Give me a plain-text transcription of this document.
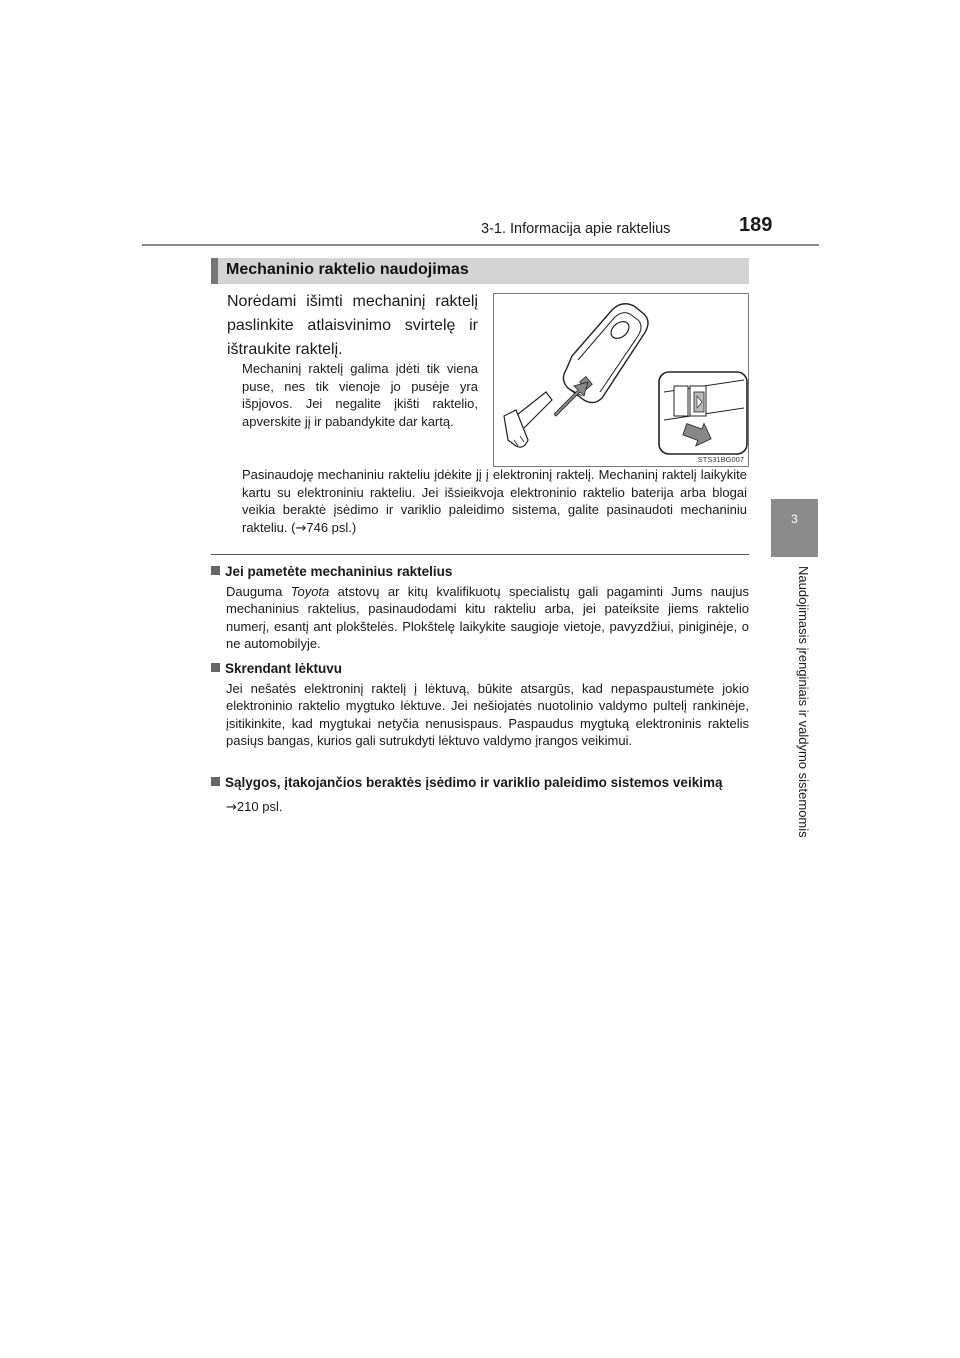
3-1. Informacija apie raktelius	189
3
Naudojimasis įrenginiais ir valdymo sistemomis
Mechaninio raktelio naudojimas

Norėdami išimti mechaninį raktelį paslinkite atlaisvinimo svirtelę ir ištraukite raktelį.

Mechaninį raktelį galima įdėti tik viena puse, nes tik vienoje jo pusėje yra išpjovos. Jei negalite įkišti raktelio, apverskite jį ir pabandykite dar kartą.

STS31BG007

Pasinaudoję mechaniniu rakteliu įdėkite jį į elektroninį raktelį. Mechaninį raktelį laikykite kartu su elektroniniu rakteliu. Jei išsieikvoja elektroninio raktelio baterija arba blogai veikia beraktė įsėdimo ir variklio paleidimo sistema, galite pasinaudoti mechaniniu rakteliu. (→746 psl.)

Jei pametėte mechaninius raktelius
Dauguma Toyota atstovų ar kitų kvalifikuotų specialistų gali pagaminti Jums naujus mechaninius raktelius, pasinaudodami kitu rakteliu arba, jei pateiksite jiems raktelio numerį, esantį ant plokštelės. Plokštelę laikykite saugioje vietoje, pavyzdžiui, piniginėje, o ne automobilyje.
Skrendant lėktuvu
Jei nešatės elektroninį raktelį į lėktuvą, būkite atsargūs, kad nepaspaustumėte jokio elektroninio raktelio mygtuko lėktuve. Jei nešiojatės nuotolinio valdymo pultelį rankinėje, įsitikinkite, kad mygtukai netyčia nenusispaus. Paspaudus mygtuką elektroninis raktelis pasiųs bangas, kurios gali sutrukdyti lėktuvo valdymo įrangos veikimui.
Sąlygos, įtakojančios beraktės įsėdimo ir variklio paleidimo sistemos veikimą
→210 psl.
